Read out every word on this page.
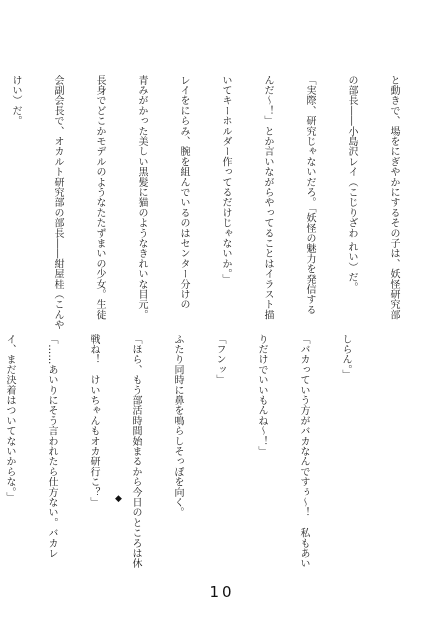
と動きで、場をにぎやかにするその子は、妖怪研究部

の部長――小島沢レイ（こじりざわ れい）だ。

「実際、研究じゃないだろ。「妖怪の魅力を発信する

んだ～！」とか言いながらやってることはイラスト描

いてキーホルダー作ってるだけじゃないか。」

レイをにらみ、腕を組んでいるのはセンター分けの

青みがかった美しい黒髪に猫のようなきれいな目元。

長身でどこかモデルのようなたたずまいの少女。生徒

会副会長で、オカルト研究部の部長――紺屋桂（こんや

けい）だ。

しらん。」

「バカっていう方がバカなんですぅ～！　私もあい

りだけでいいもんね～！」

「フンッ」

ふたり同時に鼻を鳴らしそっぽを向く。

「ほら、もう部活時間始まるから今日のところは休

戦ね！　けいちゃんもオカ研行こ？」

「……あいりにそう言われたら仕方ない。バカレ

イ、まだ決着はついてないからな。」

	◆
10
